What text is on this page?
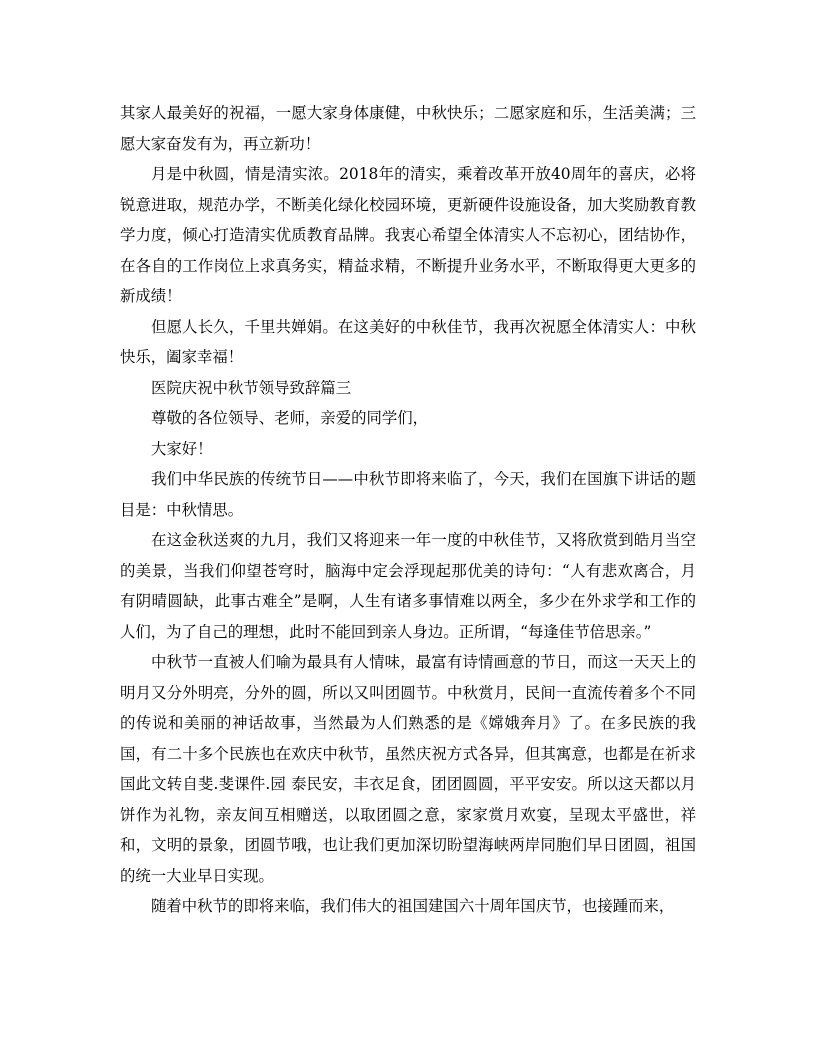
其家人最美好的祝福，一愿大家身体康健，中秋快乐；二愿家庭和乐，生活美满；三愿大家奋发有为，再立新功！

月是中秋圆，情是清实浓。2018年的清实，乘着改革开放40周年的喜庆，必将锐意进取，规范办学，不断美化绿化校园环境，更新硬件设施设备，加大奖励教育教学力度，倾心打造清实优质教育品牌。我衷心希望全体清实人不忘初心，团结协作，在各自的工作岗位上求真务实，精益求精，不断提升业务水平，不断取得更大更多的新成绩！

但愿人长久，千里共婵娟。在这美好的中秋佳节，我再次祝愿全体清实人：中秋快乐，阖家幸福！

医院庆祝中秋节领导致辞篇三

尊敬的各位领导、老师，亲爱的同学们，

大家好！

我们中华民族的传统节日——中秋节即将来临了，今天，我们在国旗下讲话的题目是：中秋情思。

在这金秋送爽的九月，我们又将迎来一年一度的中秋佳节，又将欣赏到皓月当空的美景，当我们仰望苍穹时，脑海中定会浮现起那优美的诗句：“人有悲欢离合，月有阴晴圆缺，此事古难全”是啊，人生有诸多事情难以两全，多少在外求学和工作的人们，为了自己的理想，此时不能回到亲人身边。正所谓，“每逢佳节倍思亲。”

中秋节一直被人们喻为最具有人情味，最富有诗情画意的节日，而这一天天上的明月又分外明亮，分外的圆，所以又叫团圆节。中秋赏月，民间一直流传着多个不同的传说和美丽的神话故事，当然最为人们熟悉的是《嫦娥奔月》了。在多民族的我国，有二十多个民族也在欢庆中秋节，虽然庆祝方式各异，但其寓意，也都是在祈求国此文转自斐.斐课件.园 泰民安，丰衣足食，团团圆圆，平平安安。所以这天都以月饼作为礼物，亲友间互相赠送，以取团圆之意，家家赏月欢宴，呈现太平盛世，祥和，文明的景象，团圆节哦，也让我们更加深切盼望海峡两岸同胞们早日团圆，祖国的统一大业早日实现。

随着中秋节的即将来临，我们伟大的祖国建国六十周年国庆节，也接踵而来，
